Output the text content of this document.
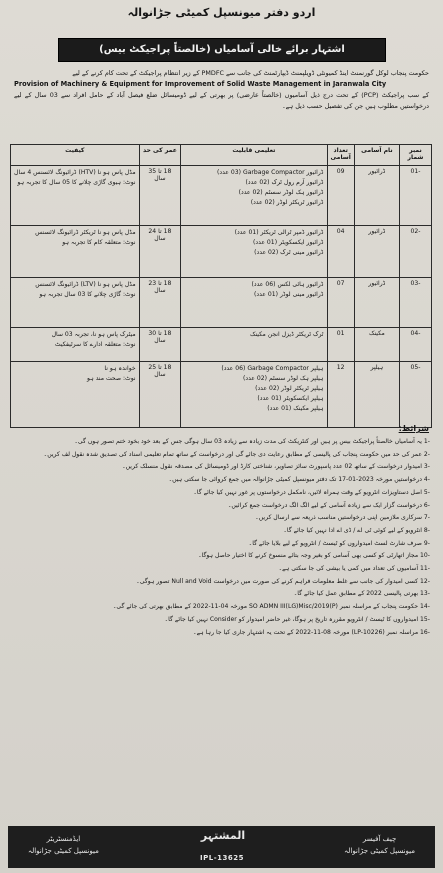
اردو دفتر میونسپل کمیٹی جڑانوالہ
اشتہار برائے خالی آسامیاں (خالصتاً پراجیکٹ بیس)
حکومت پنجاب لوکل گورنمنٹ اینڈ کمیونٹی ڈویلپمنٹ ڈیپارٹمنٹ کی جانب سے PMDFC کے زیر انتظام پراجیکٹ کے تحت کام کرنے کے لیے
Provision of Machinery & Equipment for Improvement of Solid Waste Management in Jaranwala City
کے سب پراجیکٹ (PCP) کے تحت درج ذیل آسامیوں (خالصتاً عارضی) پر بھرتی کے لیے ڈومیسائل ضلع فیصل آباد کے حامل افراد سے 03 سال کے لیے درخواستیں مطلوب ہیں جن کی تفصیل حسب ذیل ہے۔
نمبر شمار	نام آسامی	تعداد آسامی	تعلیمی قابلیت	عمر کی حد	کیفیت
-01	ڈرائیور	09	ڈرائیور Garbage Compactor (03 عدد)
ڈرائیور آرم رول ٹرک (02 عدد)
ڈرائیور ہک لوڈر سسٹم (02 عدد)
ڈرائیور ٹریکٹر لوڈر (02 عدد)	18 تا 35 سال	مڈل پاس ہو نا (HTV) ڈرائیونگ لائسنس 4 سال
نوٹ: ہیوی گاڑی چلانے کا 05 سال کا تجربہ ہو

-02	ڈرائیور	04	ڈرائیور ڈمپر ٹرالی ٹریکٹر (01 عدد)
ڈرائیور ایکسکویٹر (01 عدد)
ڈرائیور مینی ٹرک (02 عدد)	18 تا 24 سال	مڈل پاس ہو نا ٹریکٹر ڈرائیونگ لائسنس
نوٹ: متعلقہ کام کا تجربہ ہو

-03	ڈرائیور	07	ڈرائیور ہائی لکس (06 عدد)
ڈرائیور مینی لوڈر (01 عدد)	18 تا 23 سال	مڈل پاس ہو نا (LTV) ڈرائیونگ لائسنس
نوٹ: گاڑی چلانے کا 03 سال تجربہ ہو

-04	مکینک	01	ٹرک ٹریکٹر ڈیزل انجن مکینک	18 تا 30 سال	میٹرک پاس ہو نا، تجربہ 03 سال
نوٹ: متعلقہ ادارے کا سرٹیفکیٹ

-05	ہیلپر	12	ہیلپر Garbage Compactor (06 عدد)
ہیلپر ہک لوڈر سسٹم (02 عدد)
ہیلپر ٹریکٹر لوڈر (02 عدد)
ہیلپر ایکسکویٹر (01 عدد)
ہیلپر مکینک (01 عدد)	18 تا 25 سال	خواندہ ہو نا
نوٹ: صحت مند ہو
شرائط:
-1 یہ آسامیاں خالصتاً پراجیکٹ بیس پر ہیں اور کنٹریکٹ کی مدت زیادہ سے زیادہ 03 سال ہوگی جس کے بعد خود بخود ختم تصور ہوں گی۔
-2 عمر کی حد میں حکومت پنجاب کی پالیسی کے مطابق رعایت دی جائے گی اور درخواست کے ساتھ تمام تعلیمی اسناد کی تصدیق شدہ نقول لف کریں۔
-3 امیدوار درخواست کے ساتھ 02 عدد پاسپورٹ سائز تصاویر، شناختی کارڈ اور ڈومیسائل کی مصدقہ نقول منسلک کریں۔
-4 درخواستیں مورخہ 2023-01-17 تک دفتر میونسپل کمیٹی جڑانوالہ میں جمع کروائی جا سکتی ہیں۔
-5 اصل دستاویزات انٹرویو کے وقت ہمراہ لائیں، نامکمل درخواستوں پر غور نہیں کیا جائے گا۔
-6 درخواست گزار ایک سے زیادہ آسامی کے لیے الگ الگ درخواست جمع کرائیں۔
-7 سرکاری ملازمین اپنی درخواستیں مناسب ذریعہ سے ارسال کریں۔
-8 انٹرویو کے لیے کوئی ٹی اے / ڈی اے ادا نہیں کیا جائے گا۔
-9 صرف شارٹ لسٹ امیدواروں کو ٹیسٹ / انٹرویو کے لیے بلایا جائے گا۔
-10 مجاز اتھارٹی کو کسی بھی آسامی کو بغیر وجہ بتائے منسوخ کرنے کا اختیار حاصل ہوگا۔
-11 آسامیوں کی تعداد میں کمی یا بیشی کی جا سکتی ہے۔
-12 کسی امیدوار کی جانب سے غلط معلومات فراہم کرنے کی صورت میں درخواست Null and Void تصور ہوگی۔
-13 بھرتی پالیسی 2022 کے مطابق عمل کیا جائے گا۔
-14 حکومت پنجاب کے مراسلہ نمبر SO ADMN III(LG)Misc/2019(P) مورخہ 04-11-2022 کے مطابق بھرتی کی جائے گی۔
-15 امیدواروں کا ٹیسٹ / انٹرویو مقررہ تاریخ پر ہوگا، غیر حاضر امیدوار کو Consider نہیں کیا جائے گا۔
-16 مراسلہ نمبر (LP-10226) مورخہ 08-11-2022 کے تحت یہ اشتہار جاری کیا جا رہا ہے۔
چیف آفیسر
میونسپل کمیٹی جڑانوالہ
المشتہر
IPL-13625
ایڈمنسٹریٹر
میونسپل کمیٹی جڑانوالہ
